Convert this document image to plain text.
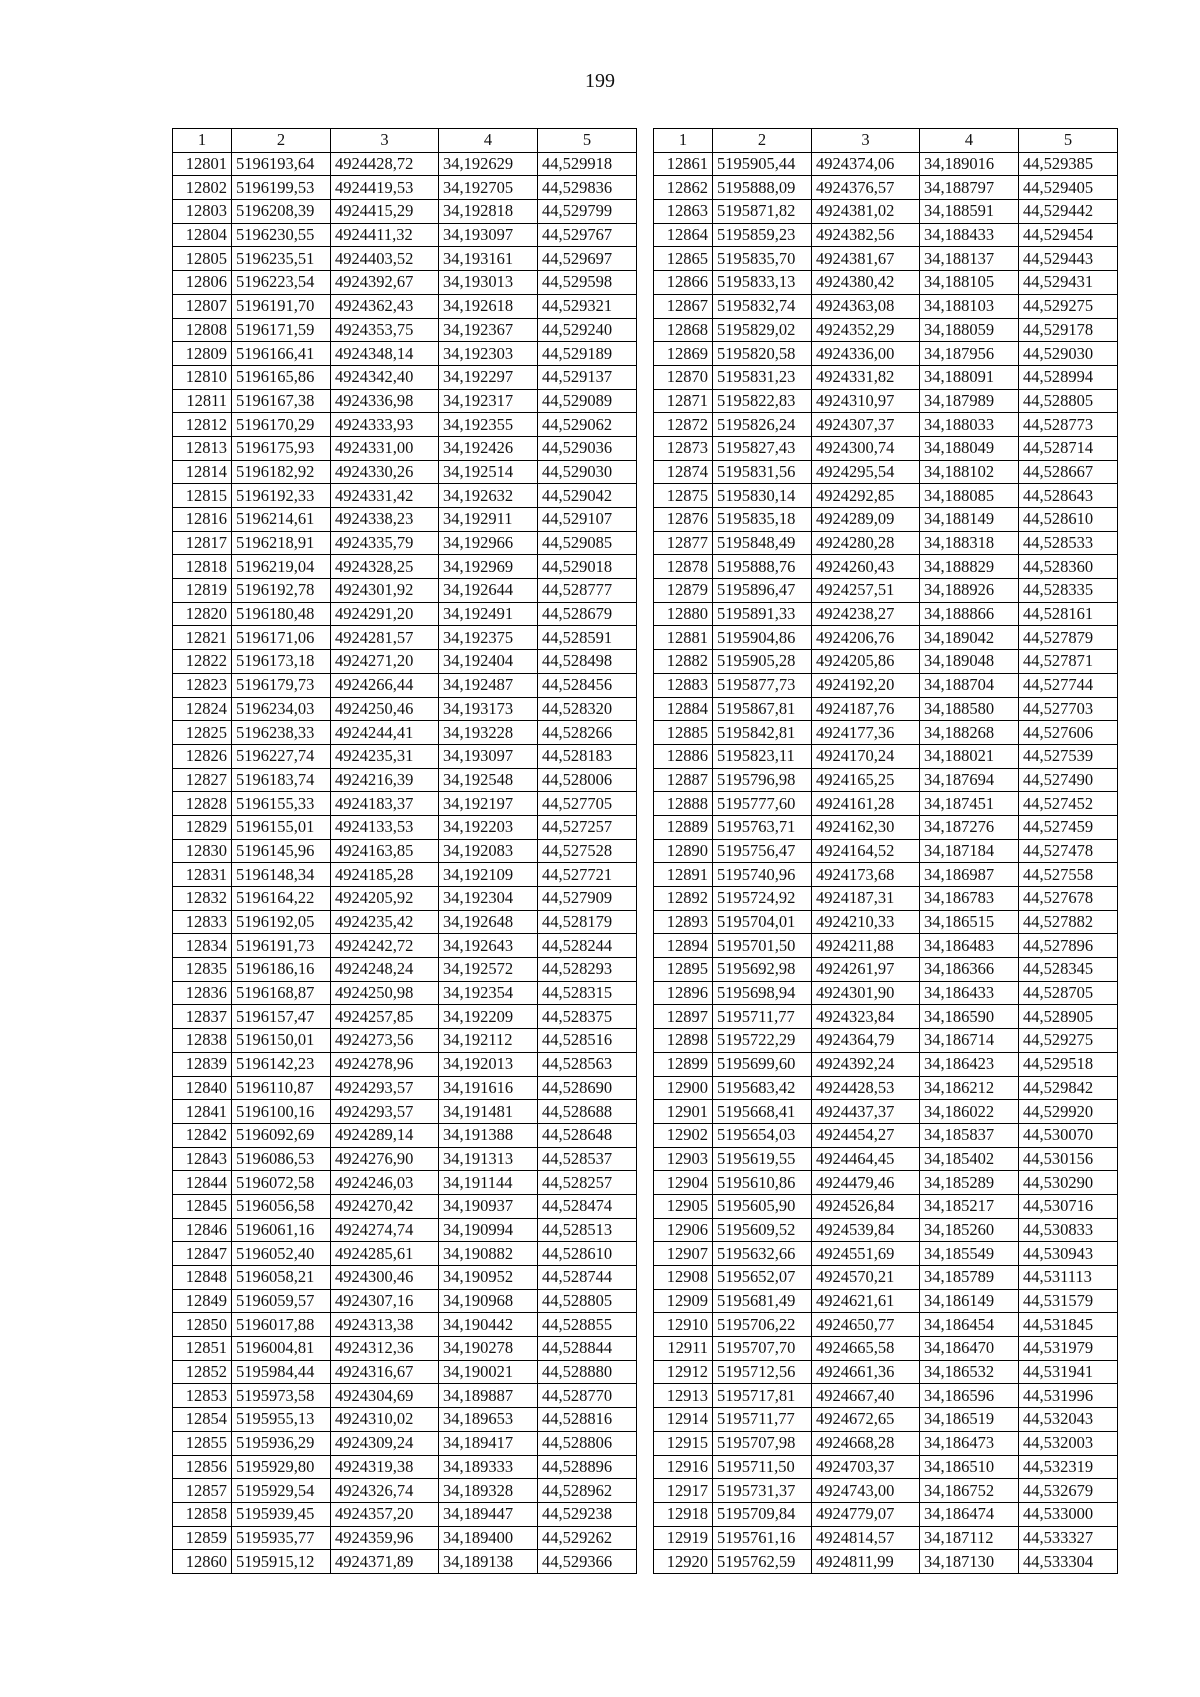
199
1	2	3	4	5
12801	5196193,64	4924428,72	34,192629	44,529918
12802	5196199,53	4924419,53	34,192705	44,529836
12803	5196208,39	4924415,29	34,192818	44,529799
12804	5196230,55	4924411,32	34,193097	44,529767
12805	5196235,51	4924403,52	34,193161	44,529697
12806	5196223,54	4924392,67	34,193013	44,529598
12807	5196191,70	4924362,43	34,192618	44,529321
12808	5196171,59	4924353,75	34,192367	44,529240
12809	5196166,41	4924348,14	34,192303	44,529189
12810	5196165,86	4924342,40	34,192297	44,529137
12811	5196167,38	4924336,98	34,192317	44,529089
12812	5196170,29	4924333,93	34,192355	44,529062
12813	5196175,93	4924331,00	34,192426	44,529036
12814	5196182,92	4924330,26	34,192514	44,529030
12815	5196192,33	4924331,42	34,192632	44,529042
12816	5196214,61	4924338,23	34,192911	44,529107
12817	5196218,91	4924335,79	34,192966	44,529085
12818	5196219,04	4924328,25	34,192969	44,529018
12819	5196192,78	4924301,92	34,192644	44,528777
12820	5196180,48	4924291,20	34,192491	44,528679
12821	5196171,06	4924281,57	34,192375	44,528591
12822	5196173,18	4924271,20	34,192404	44,528498
12823	5196179,73	4924266,44	34,192487	44,528456
12824	5196234,03	4924250,46	34,193173	44,528320
12825	5196238,33	4924244,41	34,193228	44,528266
12826	5196227,74	4924235,31	34,193097	44,528183
12827	5196183,74	4924216,39	34,192548	44,528006
12828	5196155,33	4924183,37	34,192197	44,527705
12829	5196155,01	4924133,53	34,192203	44,527257
12830	5196145,96	4924163,85	34,192083	44,527528
12831	5196148,34	4924185,28	34,192109	44,527721
12832	5196164,22	4924205,92	34,192304	44,527909
12833	5196192,05	4924235,42	34,192648	44,528179
12834	5196191,73	4924242,72	34,192643	44,528244
12835	5196186,16	4924248,24	34,192572	44,528293
12836	5196168,87	4924250,98	34,192354	44,528315
12837	5196157,47	4924257,85	34,192209	44,528375
12838	5196150,01	4924273,56	34,192112	44,528516
12839	5196142,23	4924278,96	34,192013	44,528563
12840	5196110,87	4924293,57	34,191616	44,528690
12841	5196100,16	4924293,57	34,191481	44,528688
12842	5196092,69	4924289,14	34,191388	44,528648
12843	5196086,53	4924276,90	34,191313	44,528537
12844	5196072,58	4924246,03	34,191144	44,528257
12845	5196056,58	4924270,42	34,190937	44,528474
12846	5196061,16	4924274,74	34,190994	44,528513
12847	5196052,40	4924285,61	34,190882	44,528610
12848	5196058,21	4924300,46	34,190952	44,528744
12849	5196059,57	4924307,16	34,190968	44,528805
12850	5196017,88	4924313,38	34,190442	44,528855
12851	5196004,81	4924312,36	34,190278	44,528844
12852	5195984,44	4924316,67	34,190021	44,528880
12853	5195973,58	4924304,69	34,189887	44,528770
12854	5195955,13	4924310,02	34,189653	44,528816
12855	5195936,29	4924309,24	34,189417	44,528806
12856	5195929,80	4924319,38	34,189333	44,528896
12857	5195929,54	4924326,74	34,189328	44,528962
12858	5195939,45	4924357,20	34,189447	44,529238
12859	5195935,77	4924359,96	34,189400	44,529262
12860	5195915,12	4924371,89	34,189138	44,529366
1	2	3	4	5
12861	5195905,44	4924374,06	34,189016	44,529385
12862	5195888,09	4924376,57	34,188797	44,529405
12863	5195871,82	4924381,02	34,188591	44,529442
12864	5195859,23	4924382,56	34,188433	44,529454
12865	5195835,70	4924381,67	34,188137	44,529443
12866	5195833,13	4924380,42	34,188105	44,529431
12867	5195832,74	4924363,08	34,188103	44,529275
12868	5195829,02	4924352,29	34,188059	44,529178
12869	5195820,58	4924336,00	34,187956	44,529030
12870	5195831,23	4924331,82	34,188091	44,528994
12871	5195822,83	4924310,97	34,187989	44,528805
12872	5195826,24	4924307,37	34,188033	44,528773
12873	5195827,43	4924300,74	34,188049	44,528714
12874	5195831,56	4924295,54	34,188102	44,528667
12875	5195830,14	4924292,85	34,188085	44,528643
12876	5195835,18	4924289,09	34,188149	44,528610
12877	5195848,49	4924280,28	34,188318	44,528533
12878	5195888,76	4924260,43	34,188829	44,528360
12879	5195896,47	4924257,51	34,188926	44,528335
12880	5195891,33	4924238,27	34,188866	44,528161
12881	5195904,86	4924206,76	34,189042	44,527879
12882	5195905,28	4924205,86	34,189048	44,527871
12883	5195877,73	4924192,20	34,188704	44,527744
12884	5195867,81	4924187,76	34,188580	44,527703
12885	5195842,81	4924177,36	34,188268	44,527606
12886	5195823,11	4924170,24	34,188021	44,527539
12887	5195796,98	4924165,25	34,187694	44,527490
12888	5195777,60	4924161,28	34,187451	44,527452
12889	5195763,71	4924162,30	34,187276	44,527459
12890	5195756,47	4924164,52	34,187184	44,527478
12891	5195740,96	4924173,68	34,186987	44,527558
12892	5195724,92	4924187,31	34,186783	44,527678
12893	5195704,01	4924210,33	34,186515	44,527882
12894	5195701,50	4924211,88	34,186483	44,527896
12895	5195692,98	4924261,97	34,186366	44,528345
12896	5195698,94	4924301,90	34,186433	44,528705
12897	5195711,77	4924323,84	34,186590	44,528905
12898	5195722,29	4924364,79	34,186714	44,529275
12899	5195699,60	4924392,24	34,186423	44,529518
12900	5195683,42	4924428,53	34,186212	44,529842
12901	5195668,41	4924437,37	34,186022	44,529920
12902	5195654,03	4924454,27	34,185837	44,530070
12903	5195619,55	4924464,45	34,185402	44,530156
12904	5195610,86	4924479,46	34,185289	44,530290
12905	5195605,90	4924526,84	34,185217	44,530716
12906	5195609,52	4924539,84	34,185260	44,530833
12907	5195632,66	4924551,69	34,185549	44,530943
12908	5195652,07	4924570,21	34,185789	44,531113
12909	5195681,49	4924621,61	34,186149	44,531579
12910	5195706,22	4924650,77	34,186454	44,531845
12911	5195707,70	4924665,58	34,186470	44,531979
12912	5195712,56	4924661,36	34,186532	44,531941
12913	5195717,81	4924667,40	34,186596	44,531996
12914	5195711,77	4924672,65	34,186519	44,532043
12915	5195707,98	4924668,28	34,186473	44,532003
12916	5195711,50	4924703,37	34,186510	44,532319
12917	5195731,37	4924743,00	34,186752	44,532679
12918	5195709,84	4924779,07	34,186474	44,533000
12919	5195761,16	4924814,57	34,187112	44,533327
12920	5195762,59	4924811,99	34,187130	44,533304
